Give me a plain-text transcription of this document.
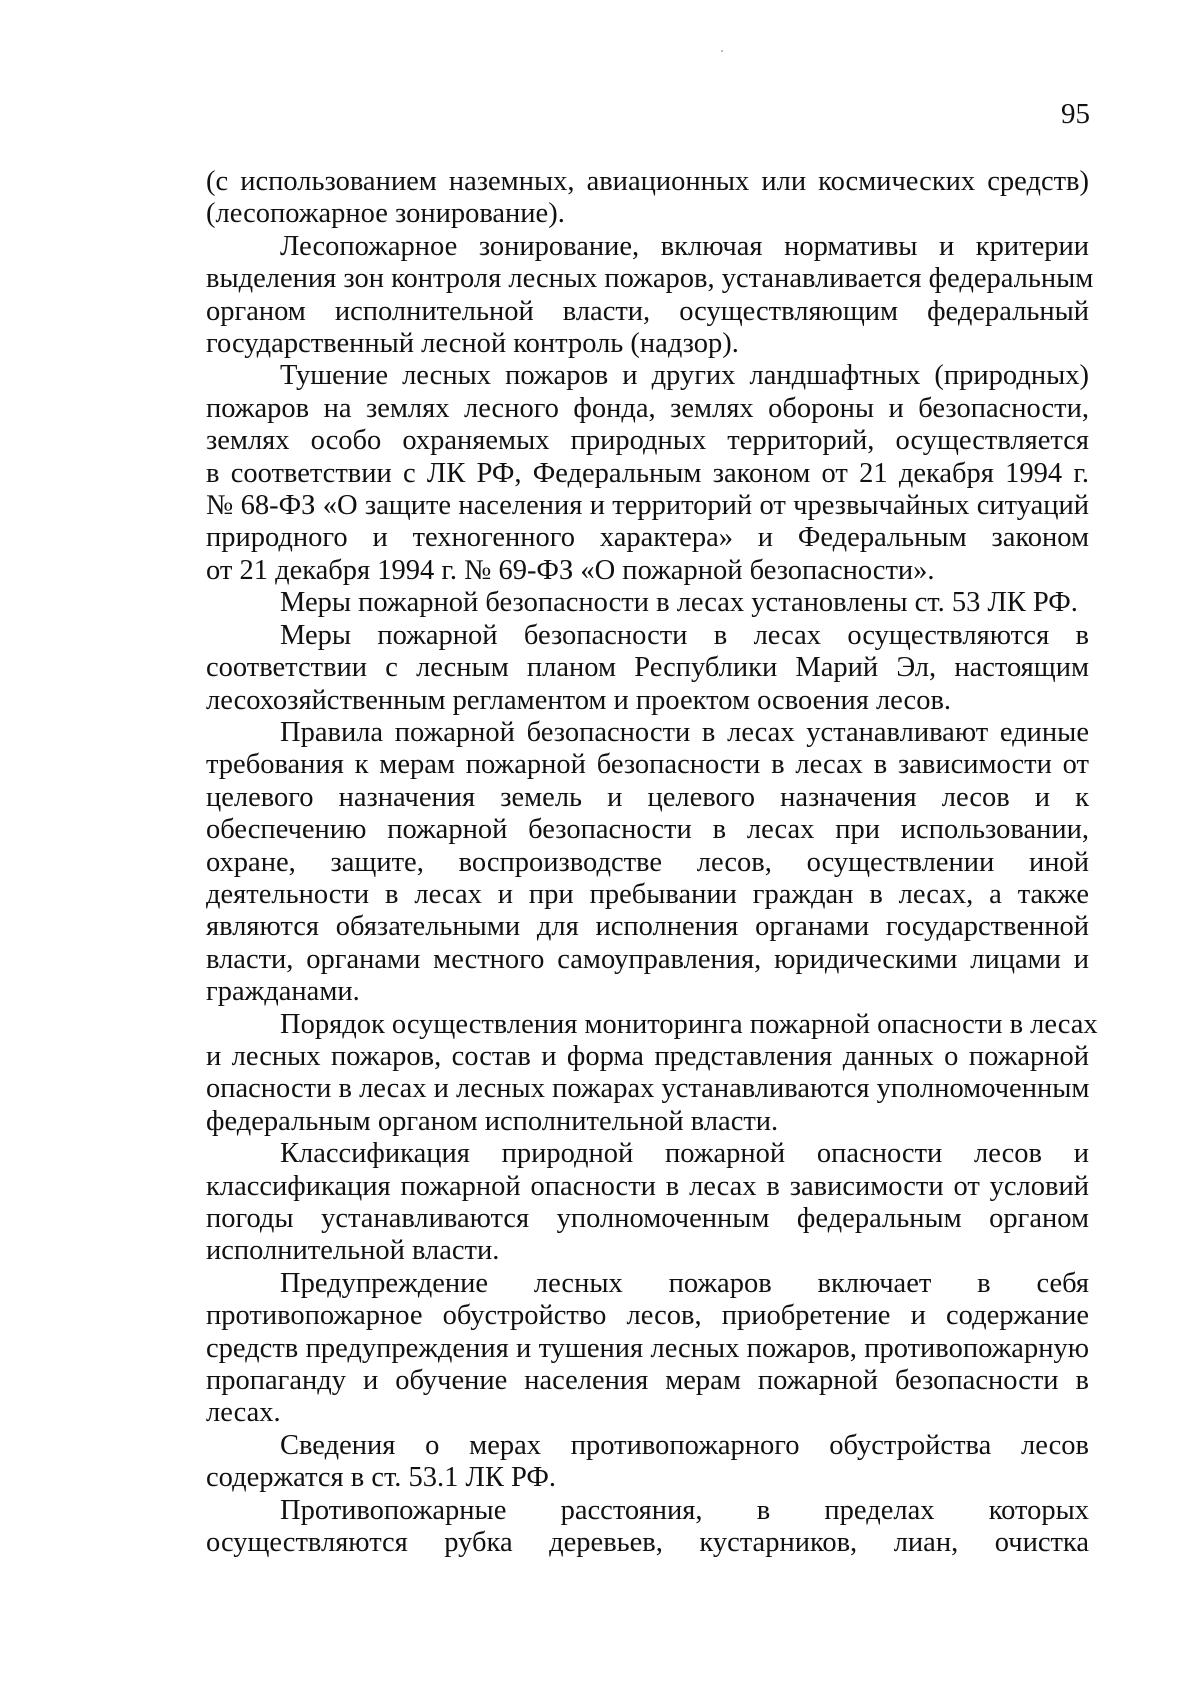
95

(с использованием наземных, авиационных или космических средств)
(лесопожарное зонирование).

Лесопожарное зонирование, включая нормативы и критерии
выделения зон контроля лесных пожаров, устанавливается федеральным
органом исполнительной власти, осуществляющим федеральный
государственный лесной контроль (надзор).

Тушение лесных пожаров и других ландшафтных (природных)
пожаров на землях лесного фонда, землях обороны и безопасности,
землях особо охраняемых природных территорий, осуществляется
в соответствии с ЛК РФ, Федеральным законом от 21 декабря 1994 г.
№ 68-ФЗ «О защите населения и территорий от чрезвычайных ситуаций
природного и техногенного характера» и Федеральным законом
от 21 декабря 1994 г. № 69-ФЗ «О пожарной безопасности».

Меры пожарной безопасности в лесах установлены ст. 53 ЛК РФ.

Меры пожарной безопасности в лесах осуществляются в
соответствии с лесным планом Республики Марий Эл, настоящим
лесохозяйственным регламентом и проектом освоения лесов.

Правила пожарной безопасности в лесах устанавливают единые
требования к мерам пожарной безопасности в лесах в зависимости от
целевого назначения земель и целевого назначения лесов и к
обеспечению пожарной безопасности в лесах при использовании,
охране, защите, воспроизводстве лесов, осуществлении иной
деятельности в лесах и при пребывании граждан в лесах, а также
являются обязательными для исполнения органами государственной
власти, органами местного самоуправления, юридическими лицами и
гражданами.

Порядок осуществления мониторинга пожарной опасности в лесах
и лесных пожаров, состав и форма представления данных о пожарной
опасности в лесах и лесных пожарах устанавливаются уполномоченным
федеральным органом исполнительной власти.

Классификация природной пожарной опасности лесов и
классификация пожарной опасности в лесах в зависимости от условий
погоды устанавливаются уполномоченным федеральным органом
исполнительной власти.

Предупреждение лесных пожаров включает в себя
противопожарное обустройство лесов, приобретение и содержание
средств предупреждения и тушения лесных пожаров, противопожарную
пропаганду и обучение населения мерам пожарной безопасности в
лесах.

Сведения о мерах противопожарного обустройства лесов
содержатся в ст. 53.1 ЛК РФ.

Противопожарные расстояния, в пределах которых
осуществляются рубка деревьев, кустарников, лиан, очистка
